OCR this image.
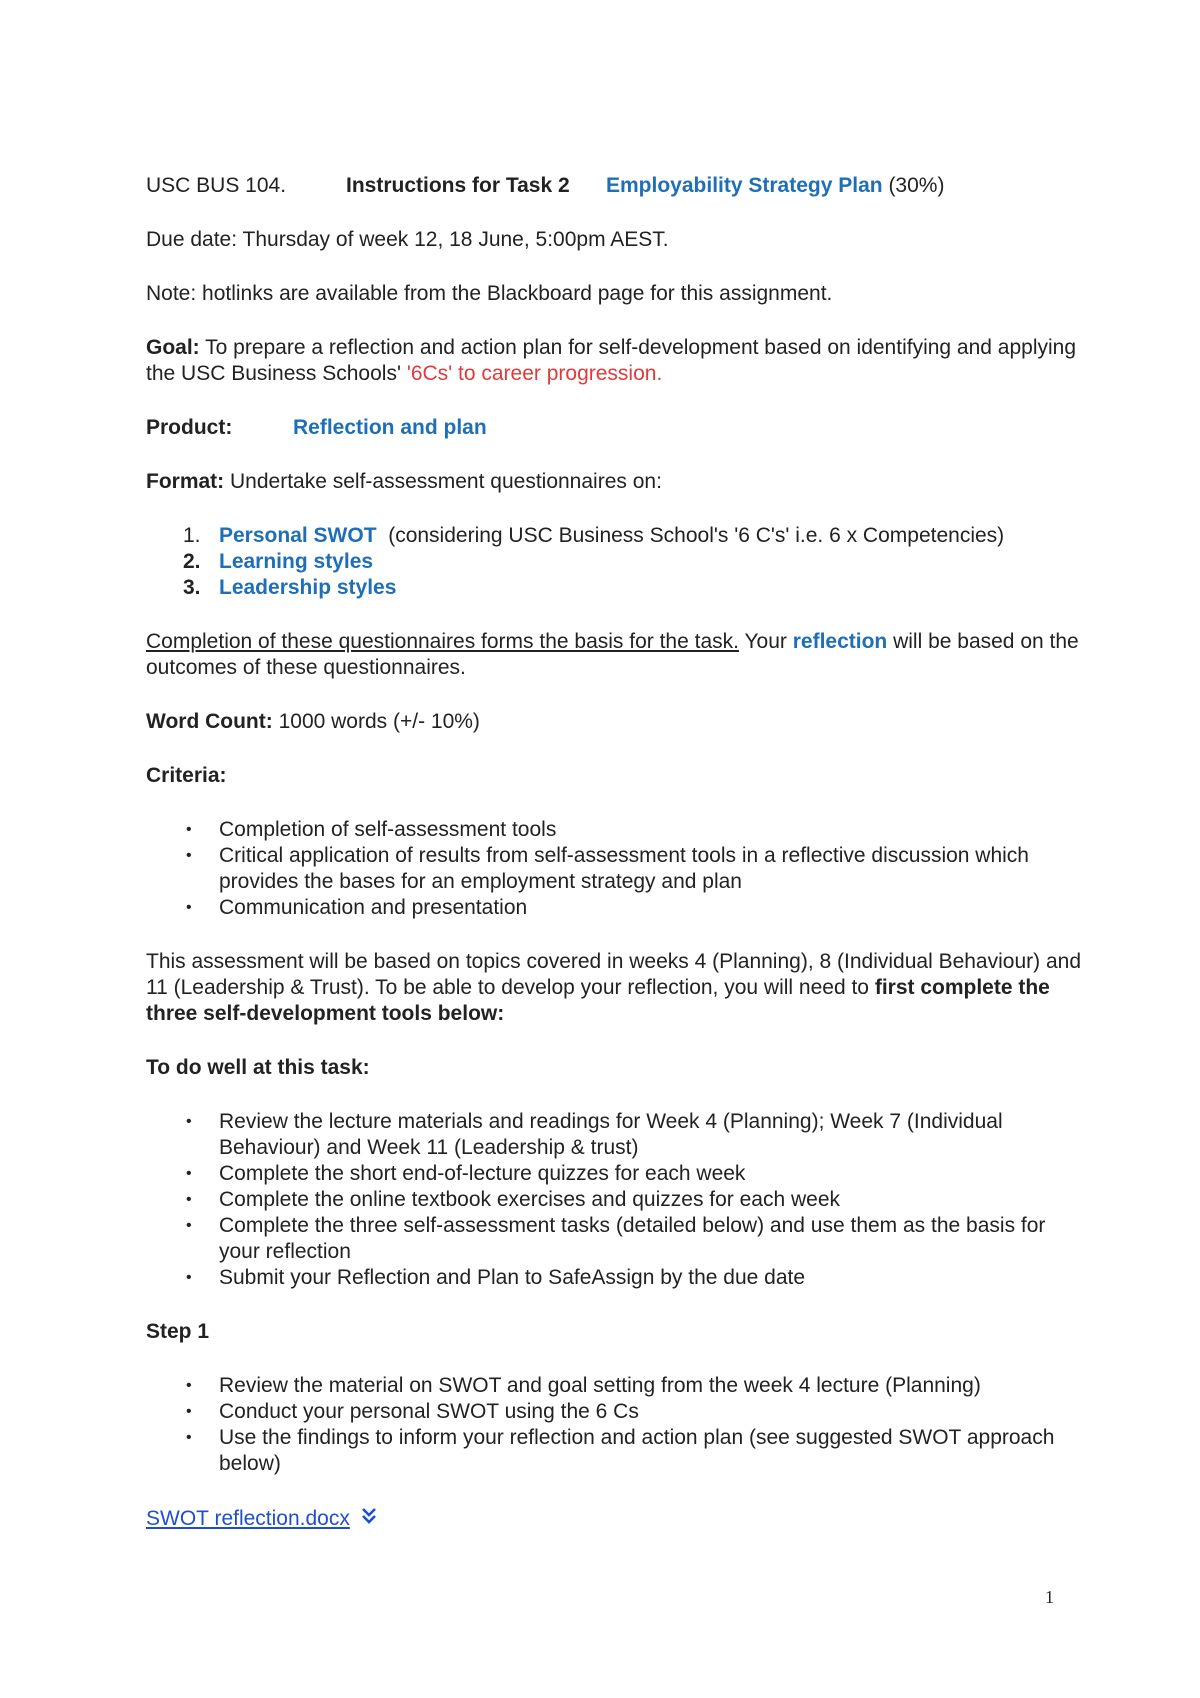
USC BUS 104.	Instructions for Task 2 Employability Strategy Plan (30%)

Due date: Thursday of week 12, 18 June, 5:00pm AEST.

Note: hotlinks are available from the Blackboard page for this assignment.

Goal: To prepare a reflection and action plan for self-development based on identifying and applying the USC Business Schools' '6Cs' to career progression.

Product:	Reflection and plan

Format: Undertake self-assessment questionnaires on:

1. Personal SWOT  (considering USC Business School's '6 C's' i.e. 6 x Competencies)
2. Learning styles
3. Leadership styles

Completion of these questionnaires forms the basis for the task. Your reflection will be based on the outcomes of these questionnaires.

Word Count: 1000 words (+/- 10%)

Criteria:

• Completion of self-assessment tools
• Critical application of results from self-assessment tools in a reflective discussion which provides the bases for an employment strategy and plan
• Communication and presentation

This assessment will be based on topics covered in weeks 4 (Planning), 8 (Individual Behaviour) and 11 (Leadership & Trust). To be able to develop your reflection, you will need to first complete the three self-development tools below:

To do well at this task:

• Review the lecture materials and readings for Week 4 (Planning); Week 7 (Individual Behaviour) and Week 11 (Leadership & trust)
• Complete the short end-of-lecture quizzes for each week
• Complete the online textbook exercises and quizzes for each week
• Complete the three self-assessment tasks (detailed below) and use them as the basis for your reflection
• Submit your Reflection and Plan to SafeAssign by the due date

Step 1

• Review the material on SWOT and goal setting from the week 4 lecture (Planning)
• Conduct your personal SWOT using the 6 Cs
• Use the findings to inform your reflection and action plan (see suggested SWOT approach below)

SWOT reflection.docx

1
